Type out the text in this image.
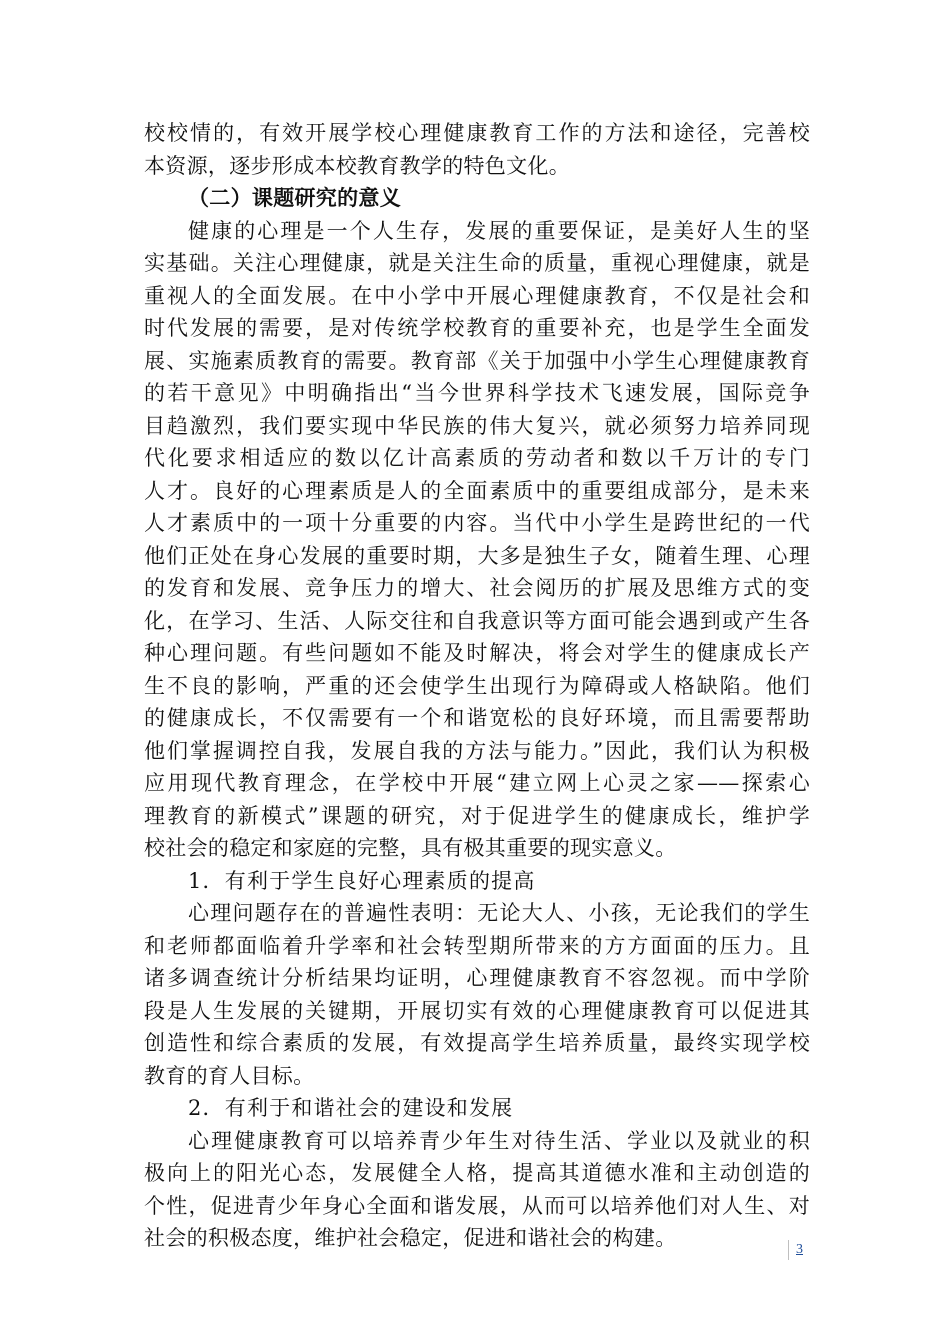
校校情的，有效开展学校心理健康教育工作的方法和途径，完善校
本资源，逐步形成本校教育教学的特色文化。
（二）课题研究的意义
健康的心理是一个人生存，发展的重要保证，是美好人生的坚
实基础。关注心理健康，就是关注生命的质量，重视心理健康，就是
重视人的全面发展。在中小学中开展心理健康教育，不仅是社会和
时代发展的需要，是对传统学校教育的重要补充，也是学生全面发
展、实施素质教育的需要。教育部《关于加强中小学生心理健康教育
的若干意见》中明确指出“当今世界科学技术飞速发展，国际竞争
目趋激烈，我们要实现中华民族的伟大复兴，就必须努力培养同现
代化要求相适应的数以亿计高素质的劳动者和数以千万计的专门
人才。良好的心理素质是人的全面素质中的重要组成部分，是未来
人才素质中的一项十分重要的内容。当代中小学生是跨世纪的一代
他们正处在身心发展的重要时期，大多是独生子女，随着生理、心理
的发育和发展、竞争压力的增大、社会阅历的扩展及思维方式的变
化，在学习、生活、人际交往和自我意识等方面可能会遇到或产生各
种心理问题。有些问题如不能及时解决，将会对学生的健康成长产
生不良的影响，严重的还会使学生出现行为障碍或人格缺陷。他们
的健康成长，不仅需要有一个和谐宽松的良好环境，而且需要帮助
他们掌握调控自我，发展自我的方法与能力。”因此，我们认为积极
应用现代教育理念，在学校中开展“建立网上心灵之家——探索心
理教育的新模式”课题的研究，对于促进学生的健康成长，维护学
校社会的稳定和家庭的完整，具有极其重要的现实意义。
1．有利于学生良好心理素质的提高
心理问题存在的普遍性表明：无论大人、小孩，无论我们的学生
和老师都面临着升学率和社会转型期所带来的方方面面的压力。且
诸多调查统计分析结果均证明，心理健康教育不容忽视。而中学阶
段是人生发展的关键期，开展切实有效的心理健康教育可以促进其
创造性和综合素质的发展，有效提高学生培养质量，最终实现学校
教育的育人目标。
2．有利于和谐社会的建设和发展
心理健康教育可以培养青少年生对待生活、学业以及就业的积
极向上的阳光心态，发展健全人格，提高其道德水准和主动创造的
个性，促进青少年身心全面和谐发展，从而可以培养他们对人生、对
社会的积极态度，维护社会稳定，促进和谐社会的构建。	3
